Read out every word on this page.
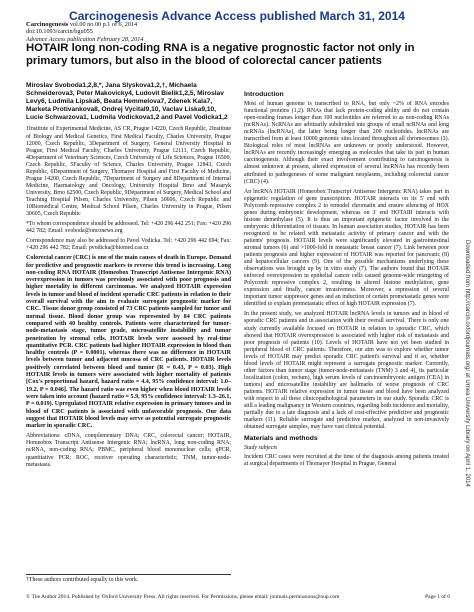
Carcinogenesis Advance Access published March 31, 2014
Carcinogenesis vol.00 no.00 p.1 of 6, 2014
doi:10.1093/carcin/bgu055
Advance Access publication February 28, 2014
HOTAIR long non-coding RNA is a negative prognostic factor not only in primary tumors, but also in the blood of colorectal cancer patients
Miroslav Svoboda1,2,8,*, Jana Slyskova1,2,†, Michaela Schneiderova3, Peter Makovicky4, Ludovit Bielik1,2,5, Miroslav Levy6, Ludmila Lipska6, Beata Hemmelova7, Zdenek Kala7, Marketa Protivankova8, Ondrej Vycital9,10, Vaclav Liska9,10, Lucie Schwarzova1, Ludmila Vodickova1,2 and Pavel Vodicka1,2
1Institute of Experimental Medicine, AS CR, Prague 14220, Czech Republic, 2Institute of Biology and Medical Genetics, First Medical Faculty, Charles University, Prague 12000, Czech Republic, 3Department of Surgery, General University Hospital in Prague, First Medical Faculty, Charles University, Prague 12111, Czech Republic, 4Department of Veterinary Sciences, Czech University of Life Sciences, Prague 16500, Czech Republic, 5Faculty of Science, Charles University, Prague 12843, Czech Republic, 6Department of Surgery, Thomayer Hospital and First Faculty of Medicine, Prague 14200, Czech Republic, 7Department of Surgery and 8Department of Internal Medicine, Haematology and Oncology, University Hospital Brno and Masaryk University, Brno 62500, Czech Republic, 9Department of Surgery, Medical School and Teaching Hospital Pilsen, Charles University, Pilsen 30606, Czech Republic and 10Biomedical Centre, Medical School Pilsen, Charles University in Prague, Pilsen 30605, Czech Republic
*To whom correspondence should be addressed. Tel: +420 296 442 251; Fax: +420 296 442 782; Email: svoboda@onconews.org
Correspondence may also be addressed to Pavel Vodicka. Tel: +420 296 442 694; Fax: +420 296 442 782; Email: pvodicka@biomed.cas.cz
Colorectal cancer (CRC) is one of the main causes of death in Europe. Demand for predictive and prognostic markers to reverse this trend is increasing. Long non-coding RNA HOTAIR (Homeobox Transcript Antisense Intergenic RNA) overexpression in tumors was previously associated with poor prognosis and higher mortality in different carcinomas. We analyzed HOTAIR expression levels in tumor and blood of incident sporadic CRC patients in relation to their overall survival with the aim to evaluate surrogate prognostic marker for CRC. Tissue donor group consisted of 73 CRC patients sampled for tumor and normal tissue. Blood donor group was represented by 84 CRC patients compared with 40 healthy controls. Patients were characterized for tumor-node-metastasis stage, tumor grade, microsatellite instability and tumor penetration by stromal cells. HOTAIR levels were assessed by real-time quantitative PCR. CRC patients had higher HOTAIR expression in blood than healthy controls (P = 0.0001), whereas there was no difference in HOTAIR levels between tumor and adjacent mucosa of CRC patients. HOTAIR levels positively correlated between blood and tumor (R = 0.43, P = 0.03). High HOTAIR levels in tumors were associated with higher mortality of patients [Cox's proportional hazard, hazard ratio = 4.4, 95% confidence interval: 1.0–19.2, P = 0.046]. The hazard ratio was even higher when blood HOTAIR levels were taken into account (hazard ratio = 5.9, 95% confidence interval: 1.3–26.1, P = 0.019). Upregulated HOTAIR relative expression in primary tumors and in blood of CRC patients is associated with unfavorable prognosis. Our data suggest that HOTAIR blood levels may serve as potential surrogate prognostic marker in sporadic CRC.
Abbreviations: cDNA, complementary DNA; CRC, colorectal cancer; HOTAIR, Homeobox Transcript Antisense Intergenic RNA; lncRNA, long non-coding RNA; ncRNA, non-coding RNA; PBMC, peripheral blood mononuclear cells; qPCR, quantitative PCR; ROC, receiver operating characteristic; TNM, tumor-node-metastasis.
Introduction
Most of human genome is transcribed to RNA, but only ~2% of RNA encodes functional proteins (1,2). RNAs that lack protein-coding ability and do not contain open-reading frames longer than 100 nucleotides are referred to as non-coding RNAs (ncRNAs). NcRNAs are arbitrarily subdivided into groups of small ncRNAs and long ncRNAs (lncRNAs), the latter being longer than 200 nucleotides. lncRNAs are transcribed from at least 10000 genomic sites located throughout all chromosomes (3). Biological roles of most lncRNAs are unknown or poorly understood. However, lncRNAs are recently increasingly emerging as molecules that take its part in human carcinogenesis. Although their exact involvement contributing to carcinogenesis is almost unknown at present, altered expression of several lncRNAs has recently been attributed to pathogeneses of some malignant neoplasms, including colorectal cancer (CRC) (4).
An lncRNA HOTAIR (Homeobox Transcript Antisense Intergenic RNA) takes part in epigenetic regulation of gene transcription. HOTAIR interacts on its 5' end with Polycomb repressive complex 2 to remodel chromatin and ensure silencing of HOX genes during embryonic development, whereas on 3' end HOTAIR interacts with histone demethylase (5). It is thus an important epigenetic factor involved in the embryonic differentiation of tissues. In human association studies, HOTAIR has been recognized to be related with metastatic activity of primary cancer and with the patients' prognosis. HOTAIR levels were significantly elevated in gastrointestinal stromal tumors (6) and >1000-fold in metastatic breast cancer (7). Link between poor patients prognosis and higher expression of HOTAIR was reported for pancreatic (8) and hepatocellular cancers (9). One of the possible mechanisms underlying these observations was brought up by in vitro study (7). The authors found that HOTAIR enforced overexpression in epithelial cancer cells caused genome-wide retargeting of Polycomb repressive complex 2, resulting in altered histone methylation, gene expression and finally, cancer invasiveness. Moreover, a repression of several important tumor suppressor genes and an induction of certain prometastatic genes were identified to explain prometastatic effect of high HOTAIR expression (7).
In the present study, we analyzed HOTAIR lncRNA levels in tumors and in blood of sporadic CRC patients and in association with their overall survival. There is only one study currently available focused on HOTAIR in relation to sporadic CRC, which showed that HOTAIR overexpression is associated with higher risk of metastasis and poor prognosis of patients (10). Levels of HOTAIR have not yet been studied in peripheral blood of CRC patients. Therefore, our aim was to explore whether tumor levels of HOTAIR may predict sporadic CRC patient's survival and if so, whether blood levels of HOTAIR might represent a surrogate prognostic marker. Currently, other factors than tumor stage (tumor-node-metastasis (TNM) 3 and 4), its particular localization (colon, rectum), high serum levels of carcinoembryonic antigen (CEA) in tumors) and microsatellite instability are hallmarks of worse prognosis of CRC patients. HOTAIR relative expression in tumor tissue and blood have been analyzed with respect to all these clinicopathological parameters in our study. Sporadic CRC is still a leading malignancy in Western countries, regarding both incidence and mortality, partially due to a late diagnosis and a lack of cost-effective predictive and prognostic markers (11). Reliable surrogate and predictive marker, analyzed in non-invasively obtained surrogate samples, may have vast clinical potential.
Materials and methods
Study subjects
Incident CRC cases were recruited at the time of the diagnosis among patients treated at surgical departments of Thomayer Hospital in Prague, General
†These authors contributed equally to this work.
© The Author 2014. Published by Oxford University Press. All rights reserved. For Permissions, please email: journals.permissions@oup.com	Page 1 of 6
Downloaded from http://carcin.oxfordjournals.org/ at Umea University Library on April 1, 2014
